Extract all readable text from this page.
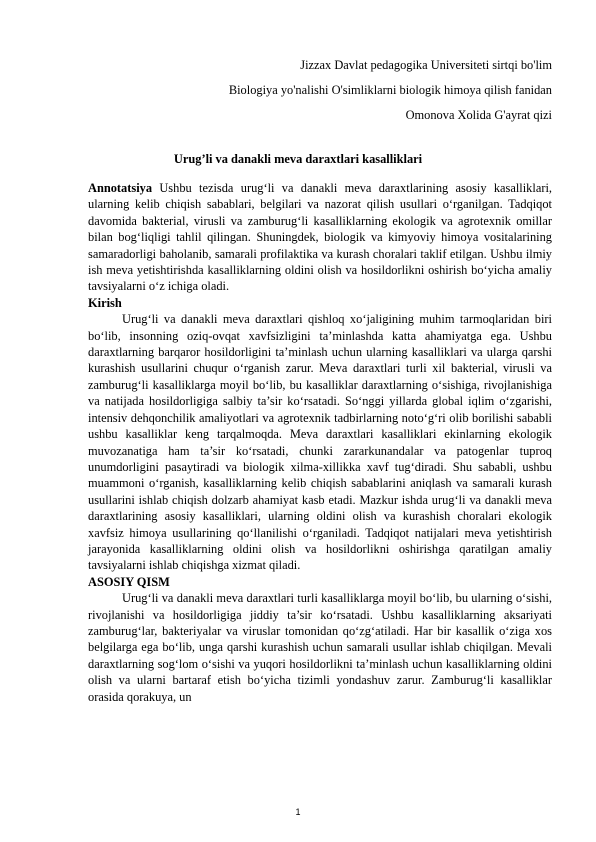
Jizzax Davlat pedagogika Universiteti sirtqi bo'lim
Biologiya yo'nalishi O'simliklarni biologik himoya qilish fanidan
Omonova Xolida G'ayrat qizi
Urug’li va danakli meva daraxtlari kasalliklari

Annotatsiya Ushbu tezisda urug‘li va danakli meva daraxtlarining asosiy kasalliklari, ularning kelib chiqish sabablari, belgilari va nazorat qilish usullari o‘rganilgan. Tadqiqot davomida bakterial, virusli va zamburug‘li kasalliklarning ekologik va agrotexnik omillar bilan bog‘liqligi tahlil qilingan. Shuningdek, biologik va kimyoviy himoya vositalarining samaradorligi baholanib, samarali profilaktika va kurash choralari taklif etilgan. Ushbu ilmiy ish meva yetishtirishda kasalliklarning oldini olish va hosildorlikni oshirish bo‘yicha amaliy tavsiyalarni o‘z ichiga oladi.

Kirish

Urug‘li va danakli meva daraxtlari qishloq xo‘jaligining muhim tarmoqlaridan biri bo‘lib, insonning oziq-ovqat xavfsizligini ta’minlashda katta ahamiyatga ega. Ushbu daraxtlarning barqaror hosildorligini ta’minlash uchun ularning kasalliklari va ularga qarshi kurashish usullarini chuqur o‘rganish zarur. Meva daraxtlari turli xil bakterial, virusli va zamburug‘li kasalliklarga moyil bo‘lib, bu kasalliklar daraxtlarning o‘sishiga, rivojlanishiga va natijada hosildorligiga salbiy ta’sir ko‘rsatadi. So‘nggi yillarda global iqlim o‘zgarishi, intensiv dehqonchilik amaliyotlari va agrotexnik tadbirlarning noto‘g‘ri olib borilishi sababli ushbu kasalliklar keng tarqalmoqda. Meva daraxtlari kasalliklari ekinlarning ekologik muvozanatiga ham ta’sir ko‘rsatadi, chunki zararkunandalar va patogenlar tuproq unumdorligini pasaytiradi va biologik xilma-xillikka xavf tug‘diradi. Shu sababli, ushbu muammoni o‘rganish, kasalliklarning kelib chiqish sabablarini aniqlash va samarali kurash usullarini ishlab chiqish dolzarb ahamiyat kasb etadi. Mazkur ishda urug‘li va danakli meva daraxtlarining asosiy kasalliklari, ularning oldini olish va kurashish choralari ekologik xavfsiz himoya usullarining qo‘llanilishi o‘rganiladi. Tadqiqot natijalari meva yetishtirish jarayonida kasalliklarning oldini olish va hosildorlikni oshirishga qaratilgan amaliy tavsiyalarni ishlab chiqishga xizmat qiladi.

ASOSIY QISM

Urug‘li va danakli meva daraxtlari turli kasalliklarga moyil bo‘lib, bu ularning o‘sishi, rivojlanishi va hosildorligiga jiddiy ta’sir ko‘rsatadi. Ushbu kasalliklarning aksariyati zamburug‘lar, bakteriyalar va viruslar tomonidan qo‘zg‘atiladi. Har bir kasallik o‘ziga xos belgilarga ega bo‘lib, unga qarshi kurashish uchun samarali usullar ishlab chiqilgan. Mevali daraxtlarning sog‘lom o‘sishi va yuqori hosildorlikni ta’minlash uchun kasalliklarning oldini olish va ularni bartaraf etish bo‘yicha tizimli yondashuv zarur. Zamburug‘li kasalliklar orasida qorakuya, un

1
